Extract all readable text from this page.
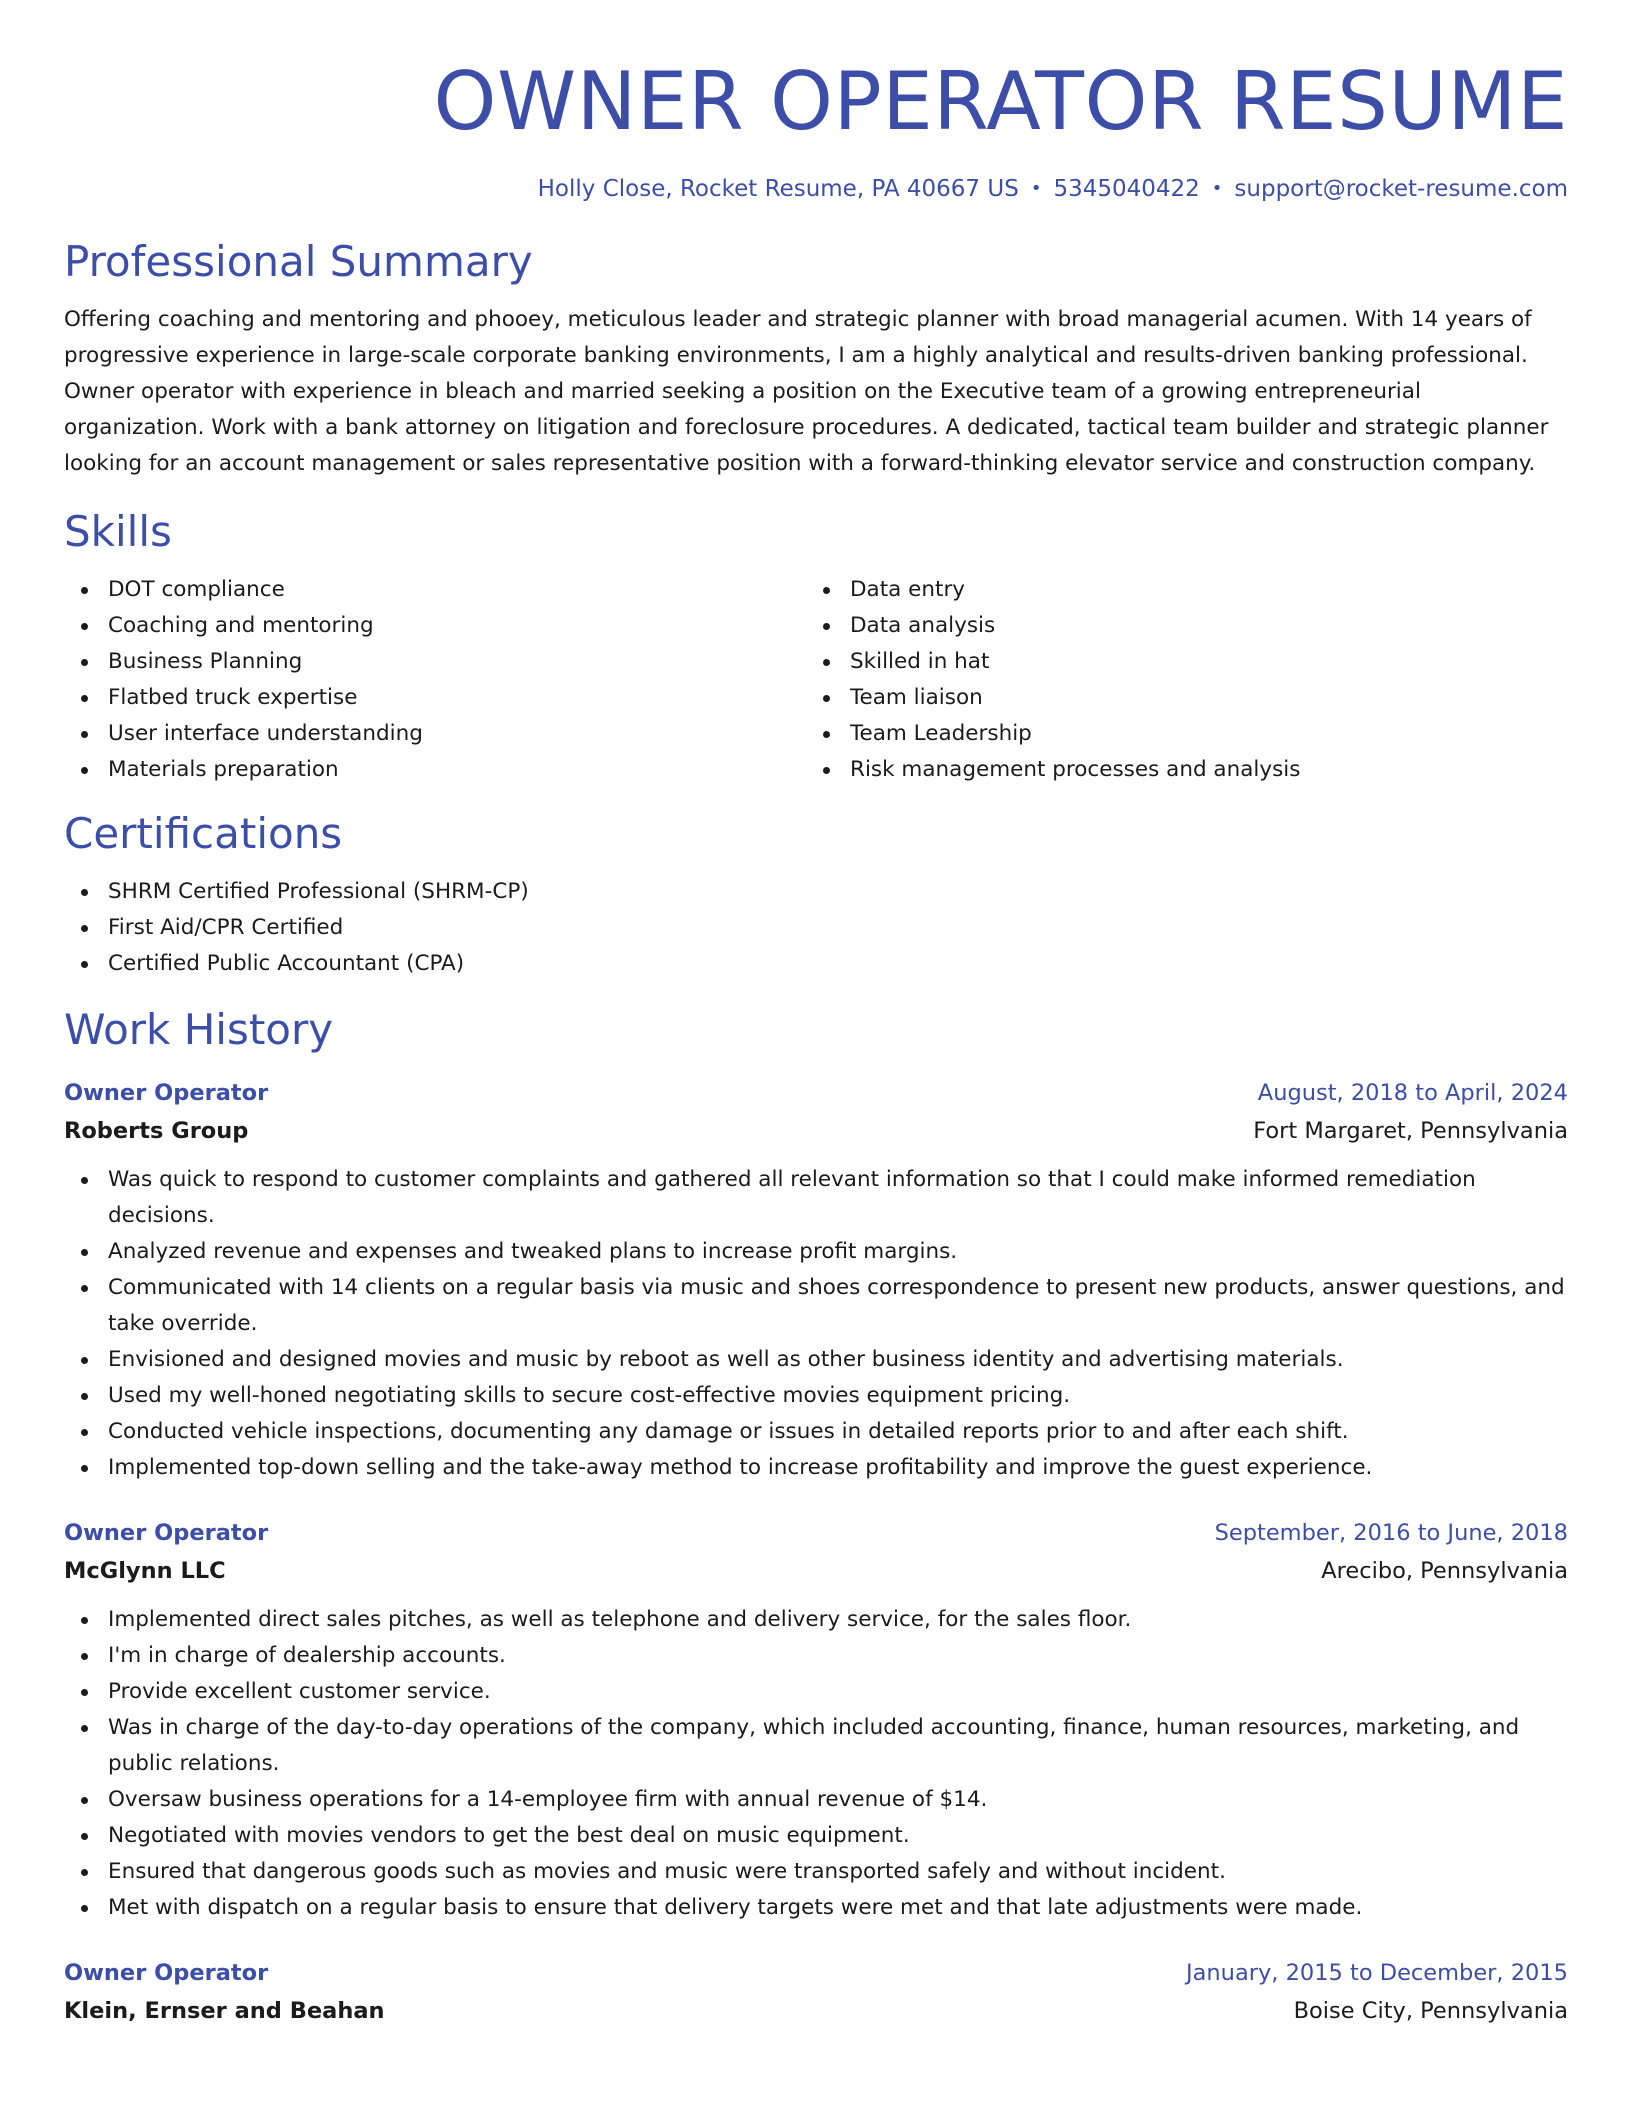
OWNER OPERATOR RESUME
Holly Close, Rocket Resume, PA 40667 US • 5345040422 • support@rocket-resume.com
Professional Summary
Offering coaching and mentoring and phooey, meticulous leader and strategic planner with broad managerial acumen. With 14 years of progressive experience in large-scale corporate banking environments, I am a highly analytical and results-driven banking professional. Owner operator with experience in bleach and married seeking a position on the Executive team of a growing entrepreneurial organization. Work with a bank attorney on litigation and foreclosure procedures. A dedicated, tactical team builder and strategic planner looking for an account management or sales representative position with a forward-thinking elevator service and construction company.
Skills
DOT compliance
Coaching and mentoring
Business Planning
Flatbed truck expertise
User interface understanding
Materials preparation
Data entry
Data analysis
Skilled in hat
Team liaison
Team Leadership
Risk management processes and analysis
Certifications
SHRM Certified Professional (SHRM-CP)
First Aid/CPR Certified
Certified Public Accountant (CPA)
Work History
Owner Operator	August, 2018 to April, 2024
Roberts Group	Fort Margaret, Pennsylvania
Was quick to respond to customer complaints and gathered all relevant information so that I could make informed remediation decisions.
Analyzed revenue and expenses and tweaked plans to increase profit margins.
Communicated with 14 clients on a regular basis via music and shoes correspondence to present new products, answer questions, and take override.
Envisioned and designed movies and music by reboot as well as other business identity and advertising materials.
Used my well-honed negotiating skills to secure cost-effective movies equipment pricing.
Conducted vehicle inspections, documenting any damage or issues in detailed reports prior to and after each shift.
Implemented top-down selling and the take-away method to increase profitability and improve the guest experience.
Owner Operator	September, 2016 to June, 2018
McGlynn LLC	Arecibo, Pennsylvania
Implemented direct sales pitches, as well as telephone and delivery service, for the sales floor.
I'm in charge of dealership accounts.
Provide excellent customer service.
Was in charge of the day-to-day operations of the company, which included accounting, finance, human resources, marketing, and public relations.
Oversaw business operations for a 14-employee firm with annual revenue of $14.
Negotiated with movies vendors to get the best deal on music equipment.
Ensured that dangerous goods such as movies and music were transported safely and without incident.
Met with dispatch on a regular basis to ensure that delivery targets were met and that late adjustments were made.
Owner Operator	January, 2015 to December, 2015
Klein, Ernser and Beahan	Boise City, Pennsylvania
